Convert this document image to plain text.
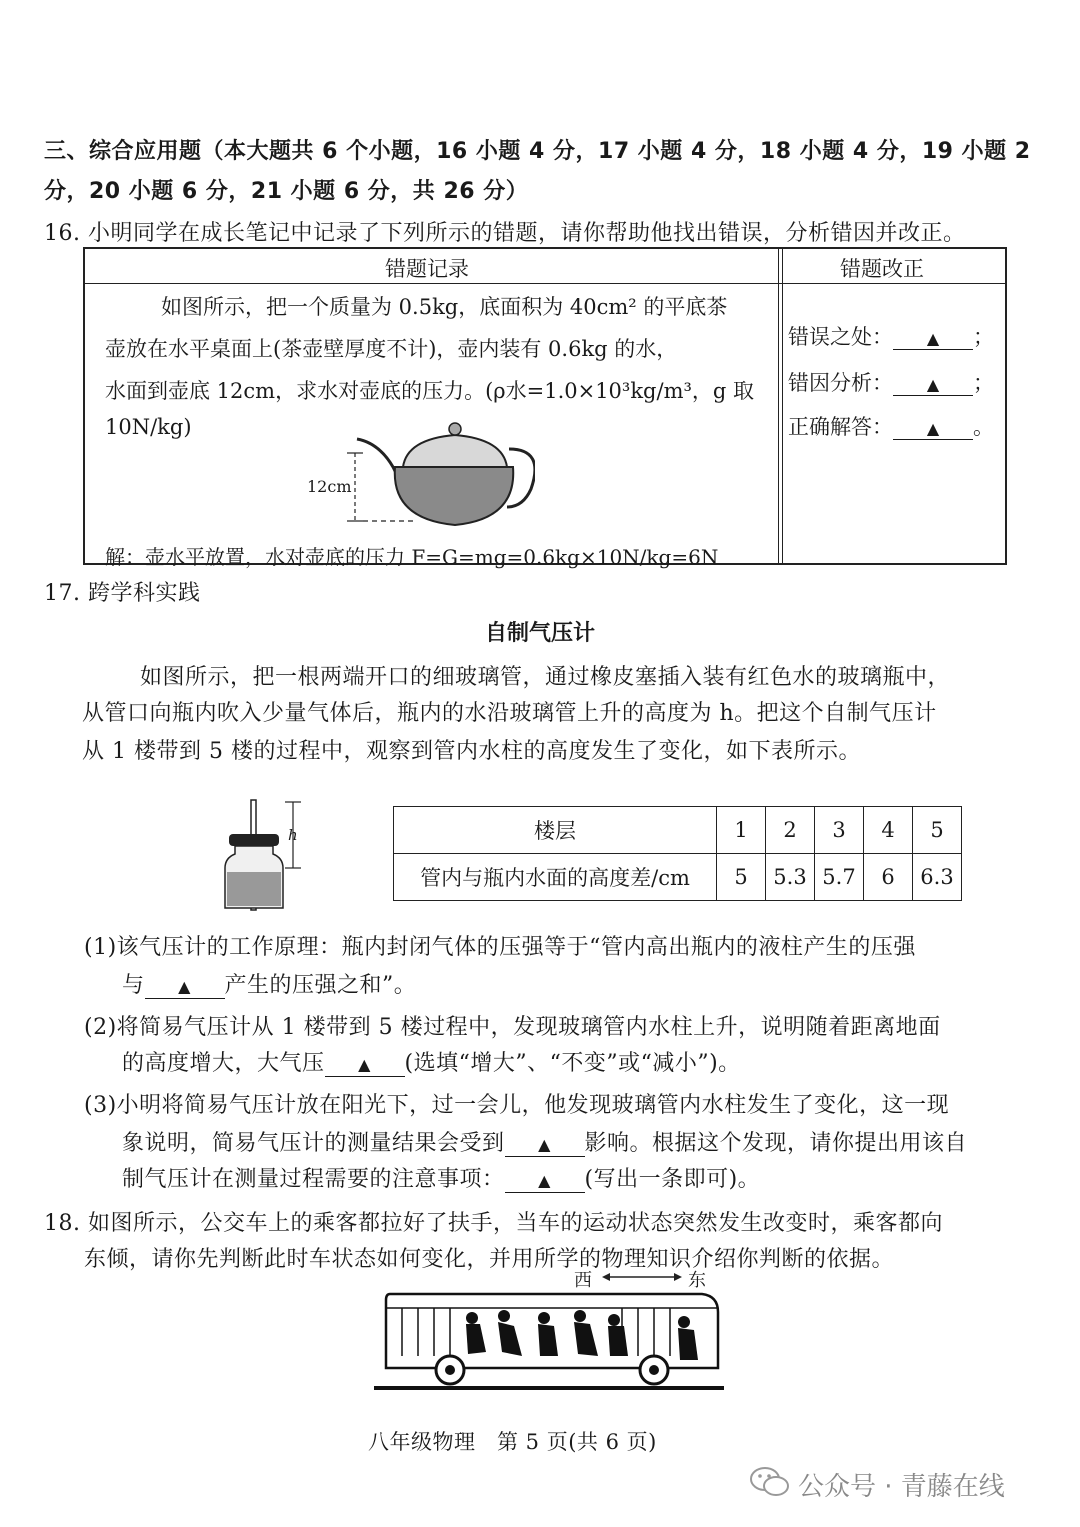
三、综合应用题（本大题共 6 个小题，16 小题 4 分，17 小题 4 分，18 小题 4 分，19 小题 2
分，20 小题 6 分，21 小题 6 分，共 26 分）
16. 小明同学在成长笔记中记录了下列所示的错题，请你帮助他找出错误，分析错因并改正。
错题记录	错题改正
如图所示，把一个质量为 0.5kg，底面积为 40cm² 的平底茶
壶放在水平桌面上(茶壶壁厚度不计)，壶内装有 0.6kg 的水，
水面到壶底 12cm，求水对壶底的压力。(ρ水=1.0×10³kg/m³，g 取
10N/kg)
12cm
解：壶水平放置，水对壶底的压力 F=G=mg=0.6kg×10N/kg=6N
错误之处： ▲ ；
错因分析： ▲ ；
正确解答： ▲ 。
17. 跨学科实践
自制气压计
如图所示，把一根两端开口的细玻璃管，通过橡皮塞插入装有红色水的玻璃瓶中，
从管口向瓶内吹入少量气体后，瓶内的水沿玻璃管上升的高度为 h。把这个自制气压计
从 1 楼带到 5 楼的过程中，观察到管内水柱的高度发生了变化，如下表所示。
h	楼层	1	2	3	4	5
管内与瓶内水面的高度差/cm	5	5.3	5.7	6	6.3
(1)该气压计的工作原理：瓶内封闭气体的压强等于“管内高出瓶内的液柱产生的压强
与 ▲ 产生的压强之和”。
(2)将简易气压计从 1 楼带到 5 楼过程中，发现玻璃管内水柱上升，说明随着距离地面
的高度增大，大气压 ▲ (选填“增大”、“不变”或“减小”)。
(3)小明将简易气压计放在阳光下，过一会儿，他发现玻璃管内水柱发生了变化，这一现
象说明，简易气压计的测量结果会受到 ▲ 影响。根据这个发现，请你提出用该自
制气压计在测量过程需要的注意事项： ▲ (写出一条即可)。
18. 如图所示，公交车上的乘客都拉好了扶手，当车的运动状态突然发生改变时，乘客都向
东倾，请你先判断此时车状态如何变化，并用所学的物理知识介绍你判断的依据。
西	东
八年级物理　第 5 页(共 6 页)
公众号 · 青藤在线
